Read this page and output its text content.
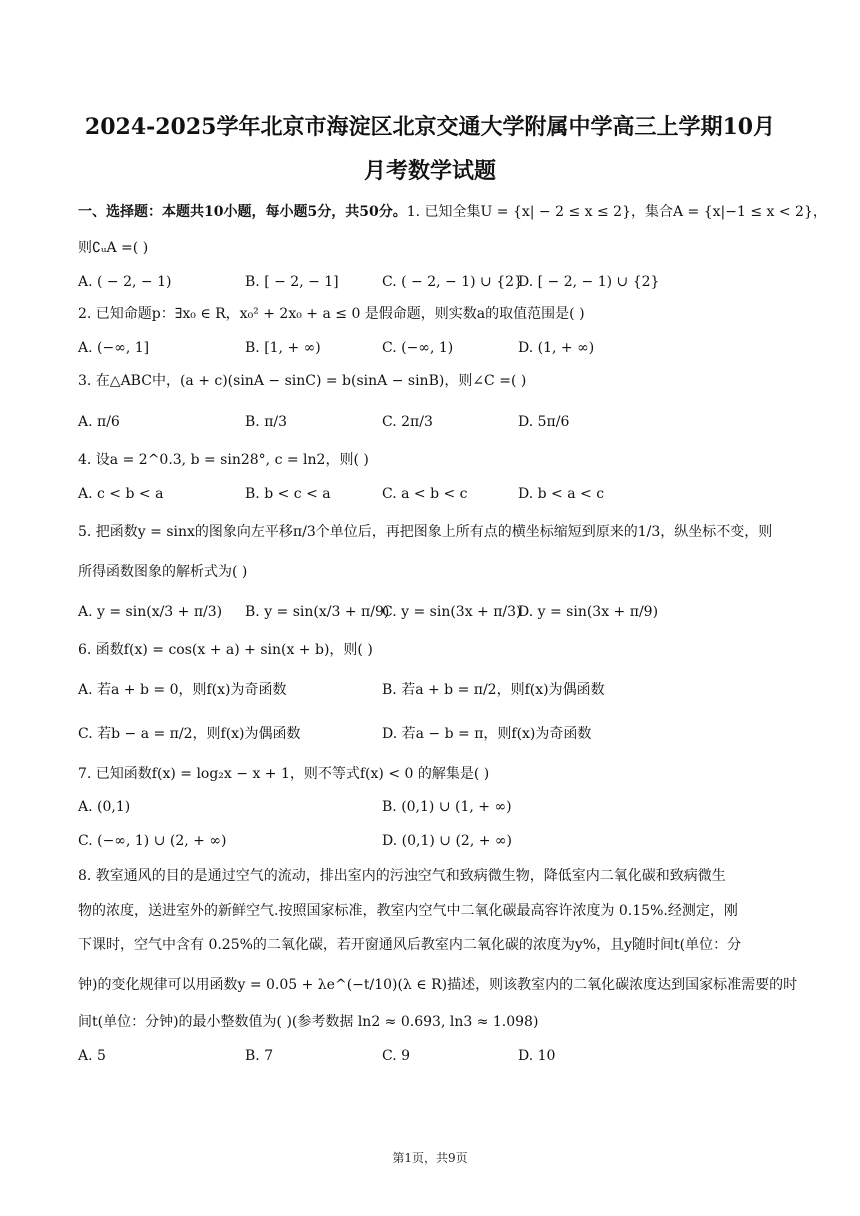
2024-2025学年北京市海淀区北京交通大学附属中学高三上学期10月
月考数学试题
一、选择题：本题共10小题，每小题5分，共50分。1. 已知全集U = {x| − 2 ≤ x ≤ 2}，集合A = {x|−1 ≤ x < 2}，
则∁ᵤA =( )
A. ( − 2, − 1)	B. [ − 2, − 1]	C. ( − 2, − 1) ∪ {2}
D. [ − 2, − 1) ∪ {2}
2. 已知命题p：∃x₀ ∈ R，x₀² + 2x₀ + a ≤ 0 是假命题，则实数a的取值范围是( )
A. (−∞, 1]	B. [1, + ∞)	C. (−∞, 1)	D. (1, + ∞)
3. 在△ABC中，(a + c)(sinA − sinC) = b(sinA − sinB)，则∠C =( )
A. π/6	B. π/3	C. 2π/3	D. 5π/6
4. 设a = 2^0.3, b = sin28°, c = ln2，则( )
A. c < b < a	B. b < c < a	C. a < b < c	D. b < a < c
5. 把函数y = sinx的图象向左平移π/3个单位后，再把图象上所有点的横坐标缩短到原来的1/3，纵坐标不变，则
所得函数图象的解析式为( )
A. y = sin(x/3 + π/3) B. y = sin(x/3 + π/9)
C. y = sin(3x + π/3)
D. y = sin(3x + π/9)
6. 函数f(x) = cos(x + a) + sin(x + b)，则( )
A. 若a + b = 0，则f(x)为奇函数	B. 若a + b = π/2，则f(x)为偶函数
C. 若b − a = π/2，则f(x)为偶函数	D. 若a − b = π，则f(x)为奇函数
7. 已知函数f(x) = log₂x − x + 1，则不等式f(x) < 0 的解集是( )
A. (0,1)	B. (0,1) ∪ (1, + ∞)
C. (−∞, 1) ∪ (2, + ∞)	D. (0,1) ∪ (2, + ∞)
8. 教室通风的目的是通过空气的流动，排出室内的污浊空气和致病微生物，降低室内二氧化碳和致病微生
物的浓度，送进室外的新鲜空气.按照国家标准，教室内空气中二氧化碳最高容许浓度为 0.15%.经测定，刚
下课时，空气中含有 0.25%的二氧化碳，若开窗通风后教室内二氧化碳的浓度为y%，且y随时间t(单位：分
钟)的变化规律可以用函数y = 0.05 + λe^(−t/10)(λ ∈ R)描述，则该教室内的二氧化碳浓度达到国家标准需要的时
间t(单位：分钟)的最小整数值为( )(参考数据 ln2 ≈ 0.693, ln3 ≈ 1.098)
A. 5	B. 7	C. 9	D. 10
第1页，共9页
